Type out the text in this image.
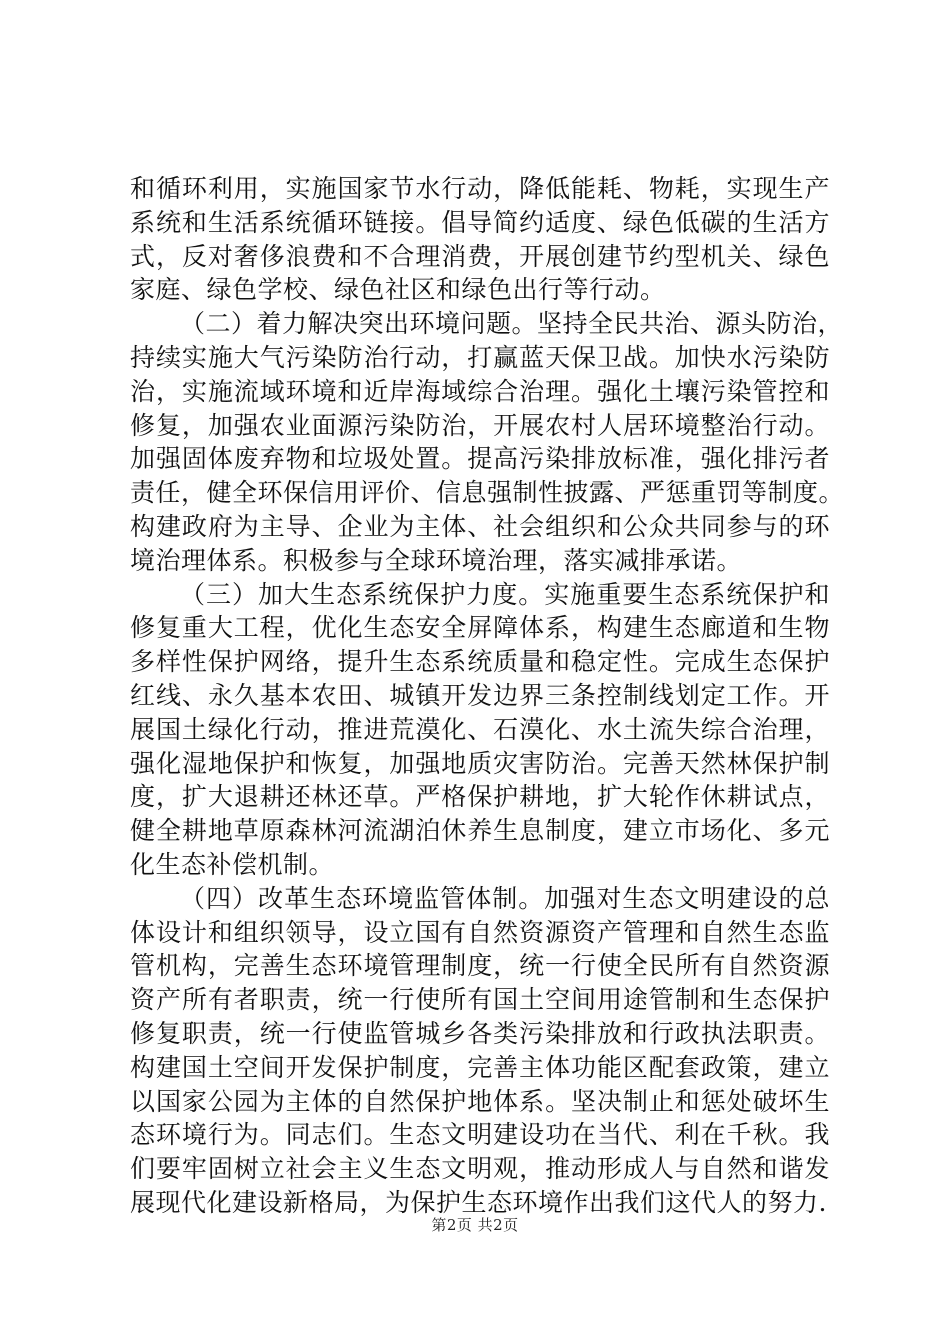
和循环利用，实施国家节水行动，降低能耗、物耗，实现生产
系统和生活系统循环链接。倡导简约适度、绿色低碳的生活方
式，反对奢侈浪费和不合理消费，开展创建节约型机关、绿色
家庭、绿色学校、绿色社区和绿色出行等行动。
（二）着力解决突出环境问题。坚持全民共治、源头防治，
持续实施大气污染防治行动，打赢蓝天保卫战。加快水污染防
治，实施流域环境和近岸海域综合治理。强化土壤污染管控和
修复，加强农业面源污染防治，开展农村人居环境整治行动。
加强固体废弃物和垃圾处置。提高污染排放标准，强化排污者
责任，健全环保信用评价、信息强制性披露、严惩重罚等制度。
构建政府为主导、企业为主体、社会组织和公众共同参与的环
境治理体系。积极参与全球环境治理，落实减排承诺。
（三）加大生态系统保护力度。实施重要生态系统保护和
修复重大工程，优化生态安全屏障体系，构建生态廊道和生物
多样性保护网络，提升生态系统质量和稳定性。完成生态保护
红线、永久基本农田、城镇开发边界三条控制线划定工作。开
展国土绿化行动，推进荒漠化、石漠化、水土流失综合治理，
强化湿地保护和恢复，加强地质灾害防治。完善天然林保护制
度，扩大退耕还林还草。严格保护耕地，扩大轮作休耕试点，
健全耕地草原森林河流湖泊休养生息制度，建立市场化、多元
化生态补偿机制。
（四）改革生态环境监管体制。加强对生态文明建设的总
体设计和组织领导，设立国有自然资源资产管理和自然生态监
管机构，完善生态环境管理制度，统一行使全民所有自然资源
资产所有者职责，统一行使所有国土空间用途管制和生态保护
修复职责，统一行使监管城乡各类污染排放和行政执法职责。
构建国土空间开发保护制度，完善主体功能区配套政策，建立
以国家公园为主体的自然保护地体系。坚决制止和惩处破坏生
态环境行为。同志们。生态文明建设功在当代、利在千秋。我
们要牢固树立社会主义生态文明观，推动形成人与自然和谐发
展现代化建设新格局，为保护生态环境作出我们这代人的努力.
第2页 共2页
